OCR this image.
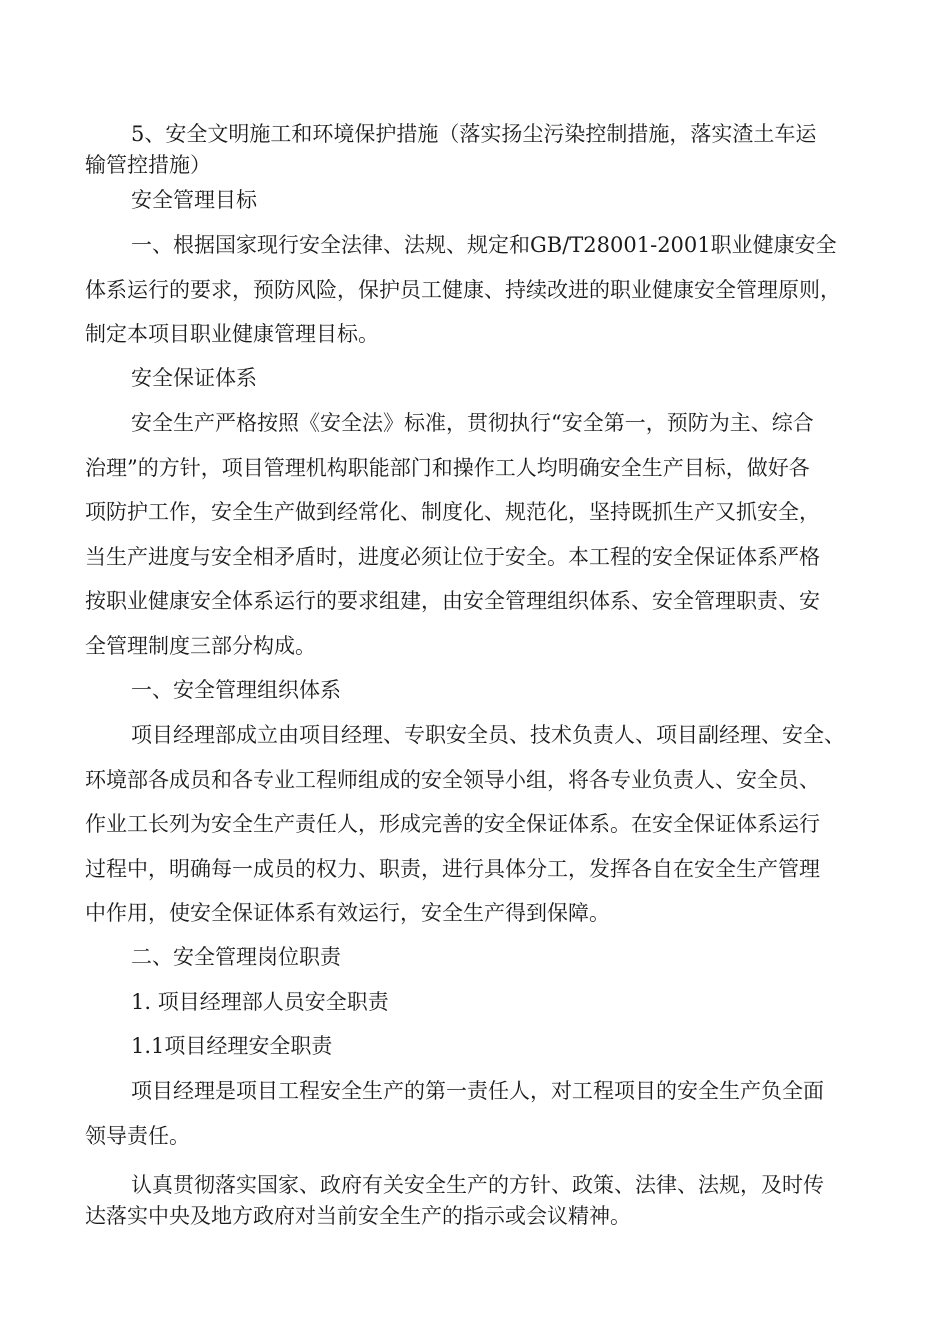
5、安全文明施工和环境保护措施（落实扬尘污染控制措施，落实渣土车运
输管控措施）
安全管理目标
一、根据国家现行安全法律、法规、规定和GB/T28001-2001职业健康安全
体系运行的要求，预防风险，保护员工健康、持续改进的职业健康安全管理原则，
制定本项目职业健康管理目标。
安全保证体系
安全生产严格按照《安全法》标准，贯彻执行“安全第一，预防为主、综合
治理”的方针，项目管理机构职能部门和操作工人均明确安全生产目标，做好各
项防护工作，安全生产做到经常化、制度化、规范化，坚持既抓生产又抓安全，
当生产进度与安全相矛盾时，进度必须让位于安全。本工程的安全保证体系严格
按职业健康安全体系运行的要求组建，由安全管理组织体系、安全管理职责、安
全管理制度三部分构成。
一、安全管理组织体系
项目经理部成立由项目经理、专职安全员、技术负责人、项目副经理、安全、
环境部各成员和各专业工程师组成的安全领导小组，将各专业负责人、安全员、
作业工长列为安全生产责任人，形成完善的安全保证体系。在安全保证体系运行
过程中，明确每一成员的权力、职责，进行具体分工，发挥各自在安全生产管理
中作用，使安全保证体系有效运行，安全生产得到保障。
二、安全管理岗位职责
1. 项目经理部人员安全职责
1.1项目经理安全职责
项目经理是项目工程安全生产的第一责任人，对工程项目的安全生产负全面
领导责任。
认真贯彻落实国家、政府有关安全生产的方针、政策、法律、法规，及时传
达落实中央及地方政府对当前安全生产的指示或会议精神。
